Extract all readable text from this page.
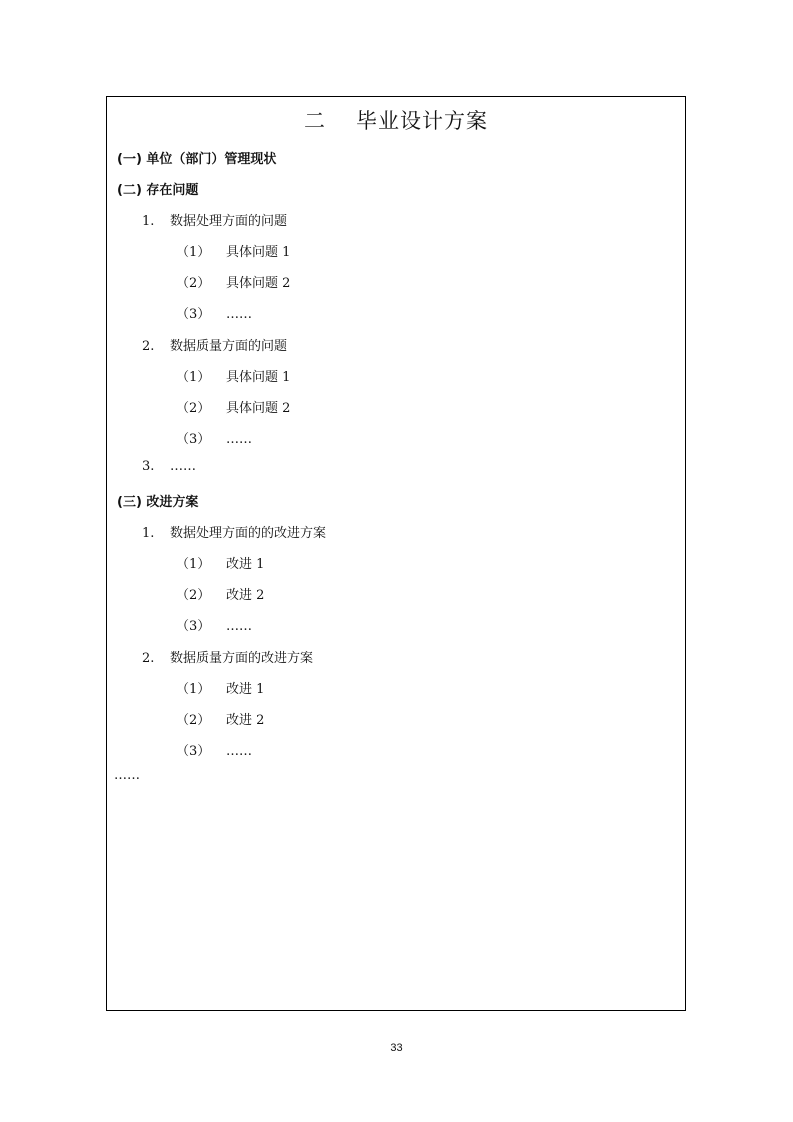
二 毕业设计方案
(一) 单位（部门）管理现状
(二) 存在问题
1. 数据处理方面的问题
（1） 具体问题 1
（2） 具体问题 2
（3） ……
2. 数据质量方面的问题
（1） 具体问题 1
（2） 具体问题 2
（3） ……
3. ……
(三) 改进方案
1. 数据处理方面的的改进方案
（1） 改进 1
（2） 改进 2
（3） ……
2. 数据质量方面的改进方案
（1） 改进 1
（2） 改进 2
（3） ……
……
33
